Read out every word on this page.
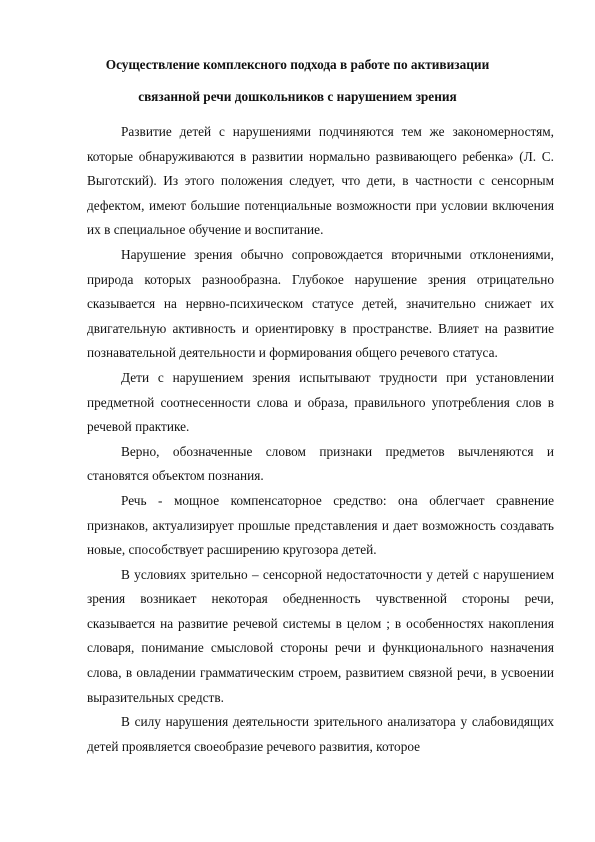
Осуществление комплексного подхода в работе по активизации
связанной речи дошкольников с нарушением зрения

Развитие детей с нарушениями подчиняются тем же закономерностям, которые обнаруживаются в развитии нормально развивающего ребенка» (Л. С. Выготский). Из этого положения следует, что дети, в частности с сенсорным дефектом, имеют большие потенциальные возможности при условии включения их в специальное обучение и воспитание.

Нарушение зрения обычно сопровождается вторичными отклонениями, природа которых разнообразна. Глубокое нарушение зрения отрицательно сказывается на нервно-психическом статусе детей, значительно снижает их двигательную активность и ориентировку в пространстве. Влияет на развитие познавательной деятельности и формирования общего речевого статуса.

Дети с нарушением зрения испытывают трудности при установлении предметной соотнесенности слова и образа, правильного употребления слов в речевой практике.

Верно, обозначенные словом признаки предметов вычленяются и становятся объектом познания.

Речь - мощное компенсаторное средство: она облегчает сравнение признаков, актуализирует прошлые представления и дает возможность создавать новые, способствует расширению кругозора детей.

В условиях зрительно – сенсорной недостаточности у детей с нарушением зрения возникает некоторая обедненность чувственной стороны речи, сказывается на развитие речевой системы в целом ; в особенностях накопления словаря, понимание смысловой стороны речи и функционального назначения слова, в овладении грамматическим строем, развитием связной речи, в усвоении выразительных средств.

В силу нарушения деятельности зрительного анализатора у слабовидящих детей проявляется своеобразие речевого развития, которое
